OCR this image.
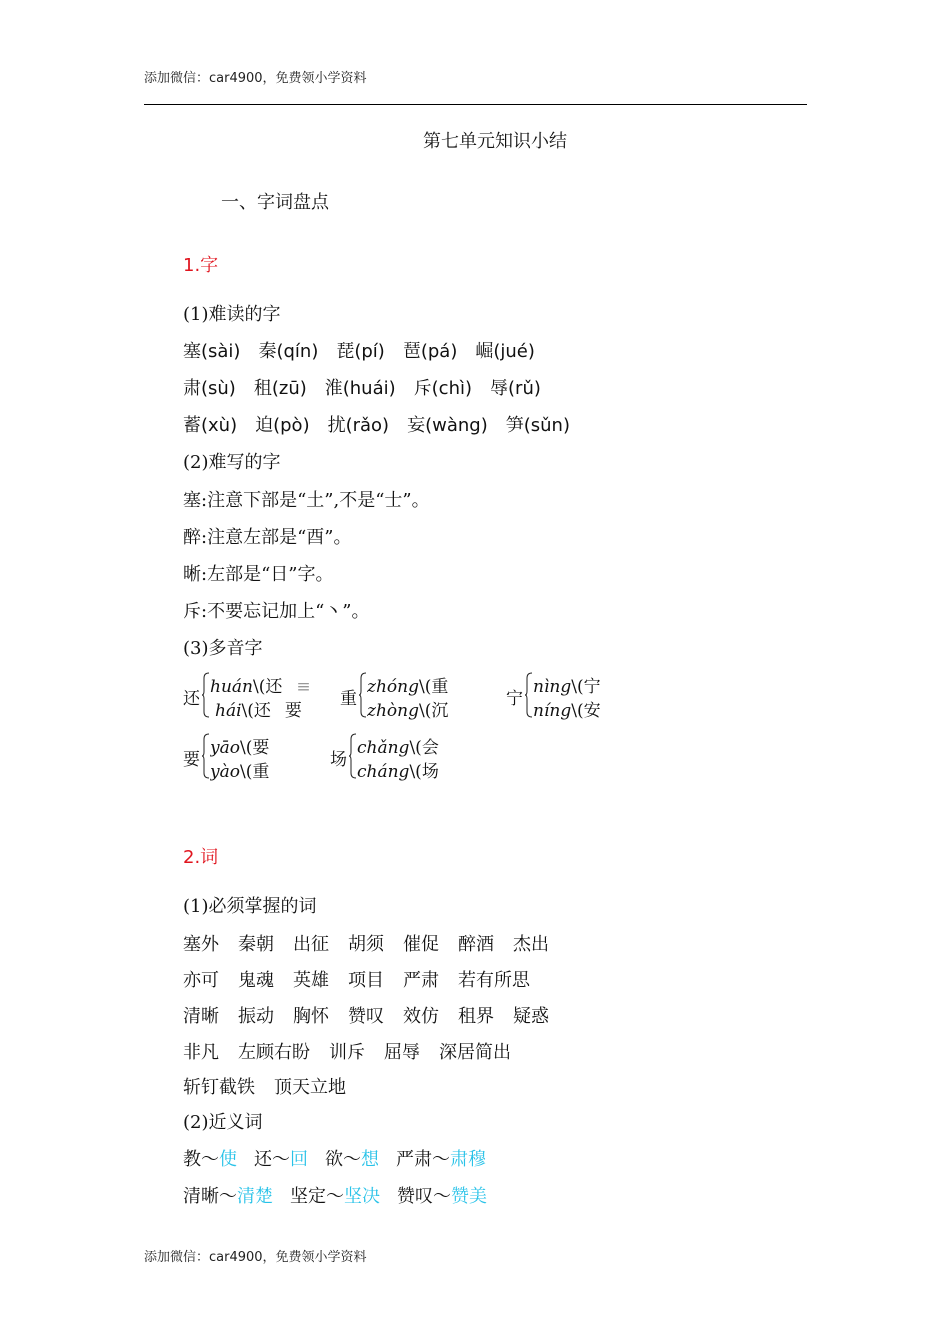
添加微信：car4900，免费领小学资料
第七单元知识小结
一、字词盘点
1.字
(1)难读的字
塞(sài) 秦(qín) 琵(pí) 琶(pá) 崛(jué)
肃(sù) 租(zū) 淮(huái) 斥(chì) 辱(rǔ)
蓄(xù) 迫(pò) 扰(rǎo) 妄(wàng) 笋(sǔn)
(2)难写的字
塞:注意下部是“土”,不是“士”。
醉:注意左部是“酉”。
晰:左部是“日”字。
斥:不要忘记加上“丶”。
(3)多音字
还
huán\(还 ≡
hái\(还 要
重
zhóng\(重
zhòng\(沉
宁
nìng\(宁
níng\(安
要
yāo\(要
yào\(重
场
chǎng\(会
cháng\(场
2.词
(1)必须掌握的词
塞外 秦朝 出征 胡须 催促 醉酒 杰出
亦可 鬼魂 英雄 项目 严肃 若有所思
清晰 振动 胸怀 赞叹 效仿 租界 疑惑
非凡 左顾右盼 训斥 屈辱 深居简出
斩钉截铁 顶天立地
(2)近义词
教～使 还～回 欲～想 严肃～肃穆
清晰～清楚 坚定～坚决 赞叹～赞美
添加微信：car4900，免费领小学资料
